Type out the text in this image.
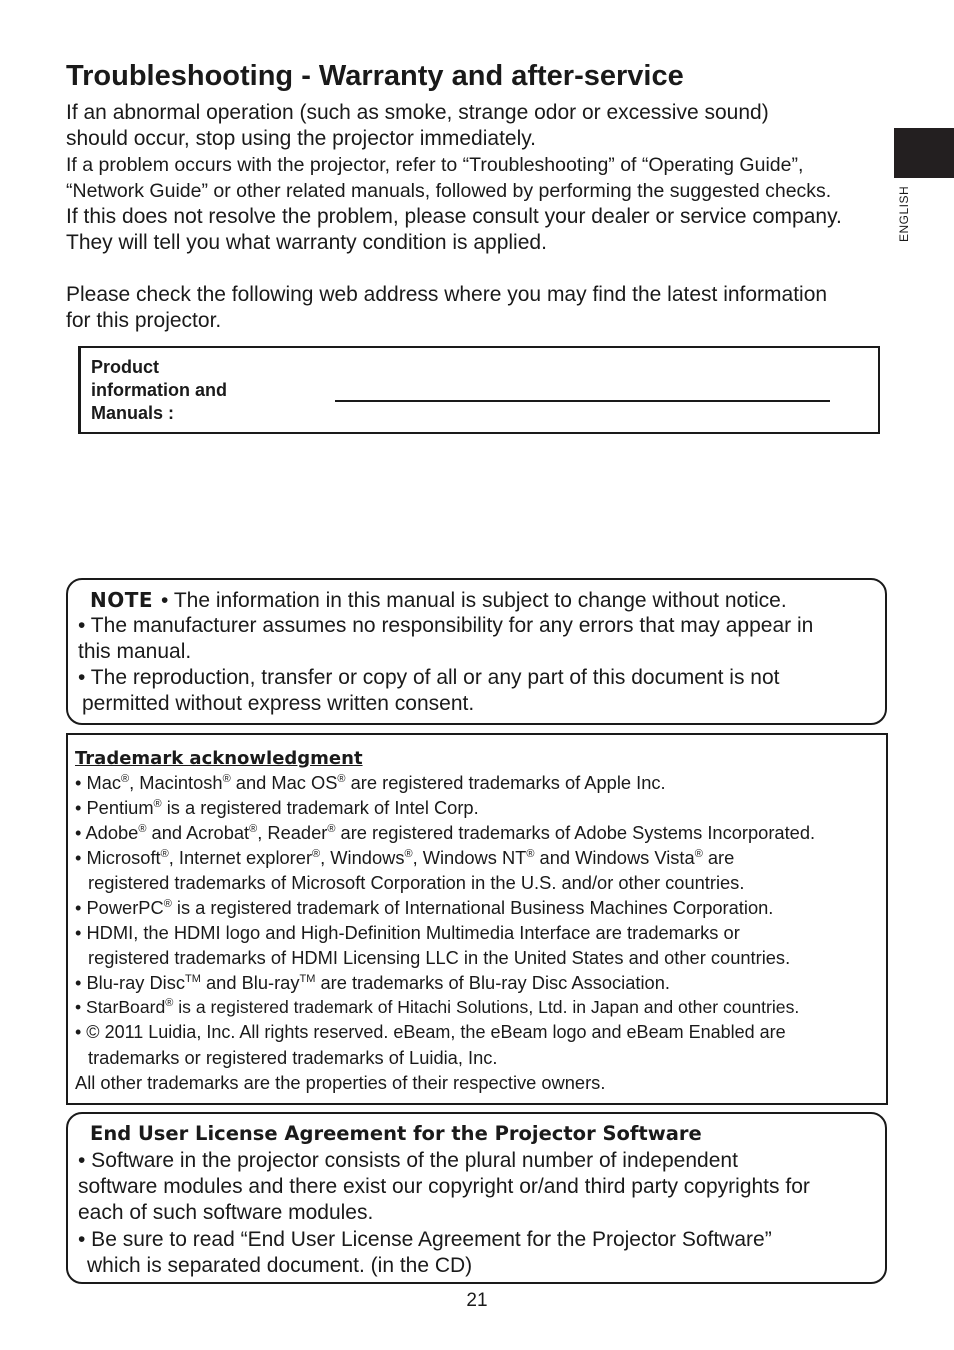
Troubleshooting - Warranty and after-service
ENGLISH
If an abnormal operation (such as smoke, strange odor or excessive sound)
should occur, stop using the projector immediately.
If a problem occurs with the projector, refer to “Troubleshooting” of “Operating Guide”,
“Network Guide” or other related manuals, followed by performing the suggested checks.
If this does not resolve the problem, please consult your dealer or service company.
They will tell you what warranty condition is applied.
Please check the following web address where you may find the latest information
for this projector.
Product
information and
Manuals :
NOTE • The information in this manual is subject to change without notice.
• The manufacturer assumes no responsibility for any errors that may appear in
this manual.
• The reproduction, transfer or copy of all or any part of this document is not
permitted without express written consent.
Trademark acknowledgment
• Mac®, Macintosh® and Mac OS® are registered trademarks of Apple Inc.
• Pentium® is a registered trademark of Intel Corp.
• Adobe® and Acrobat®, Reader® are registered trademarks of Adobe Systems Incorporated.
• Microsoft®, Internet explorer®, Windows®, Windows NT® and Windows Vista® are
registered trademarks of Microsoft Corporation in the U.S. and/or other countries.
• PowerPC® is a registered trademark of International Business Machines Corporation.
• HDMI, the HDMI logo and High-Definition Multimedia Interface are trademarks or
registered trademarks of HDMI Licensing LLC in the United States and other countries.
• Blu-ray Disc™ and Blu-ray™ are trademarks of Blu-ray Disc Association.
• StarBoard® is a registered trademark of Hitachi Solutions, Ltd. in Japan and other countries.
• © 2011 Luidia, Inc. All rights reserved. eBeam, the eBeam logo and eBeam Enabled are
trademarks or registered trademarks of Luidia, Inc.
All other trademarks are the properties of their respective owners.
End User License Agreement for the Projector Software
• Software in the projector consists of the plural number of independent
software modules and there exist our copyright or/and third party copyrights for
each of such software modules.
• Be sure to read “End User License Agreement for the Projector Software”
which is separated document. (in the CD)
21
